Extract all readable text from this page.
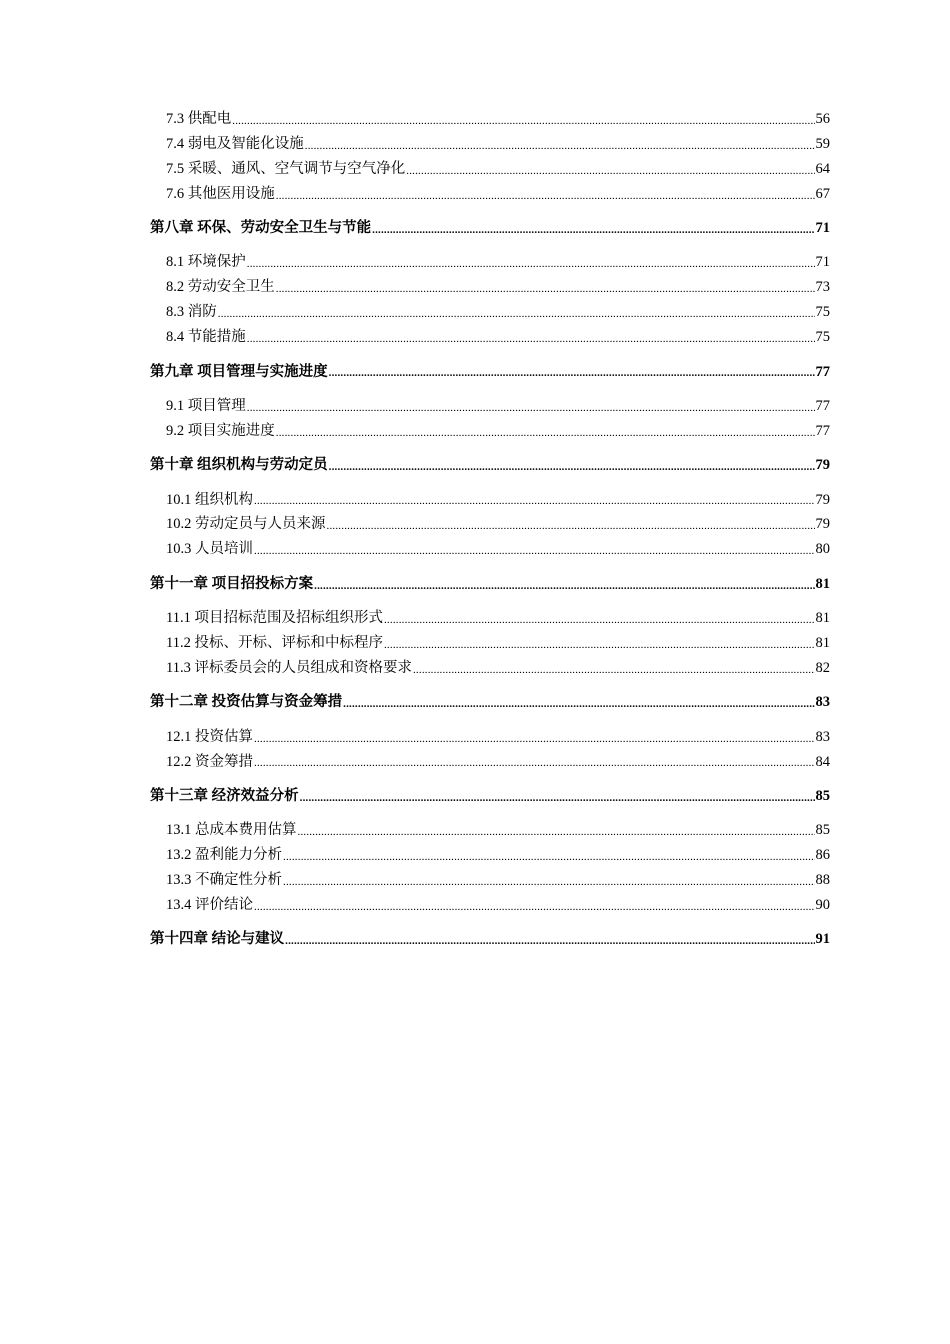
7.3 供配电 .....	56
7.4 弱电及智能化设施 .....	59
7.5 采暖、通风、空气调节与空气净化 .....	64
7.6 其他医用设施 .....	67
第八章 环保、劳动安全卫生与节能 .....	71
8.1 环境保护 .....	71
8.2 劳动安全卫生 .....	73
8.3 消防 .....	75
8.4 节能措施 .....	75
第九章 项目管理与实施进度 .....	77
9.1 项目管理 .....	77
9.2 项目实施进度 .....	77
第十章 组织机构与劳动定员 .....	79
10.1 组织机构 .....	79
10.2 劳动定员与人员来源 .....	79
10.3 人员培训 .....	80
第十一章 项目招投标方案 .....	81
11.1 项目招标范围及招标组织形式 .....	81
11.2 投标、开标、评标和中标程序 .....	81
11.3 评标委员会的人员组成和资格要求 .....	82
第十二章 投资估算与资金筹措 .....	83
12.1 投资估算 .....	83
12.2 资金筹措 .....	84
第十三章 经济效益分析 .....	85
13.1 总成本费用估算 .....	85
13.2 盈利能力分析 .....	86
13.3 不确定性分析 .....	88
13.4 评价结论 .....	90
第十四章 结论与建议 .....	91
